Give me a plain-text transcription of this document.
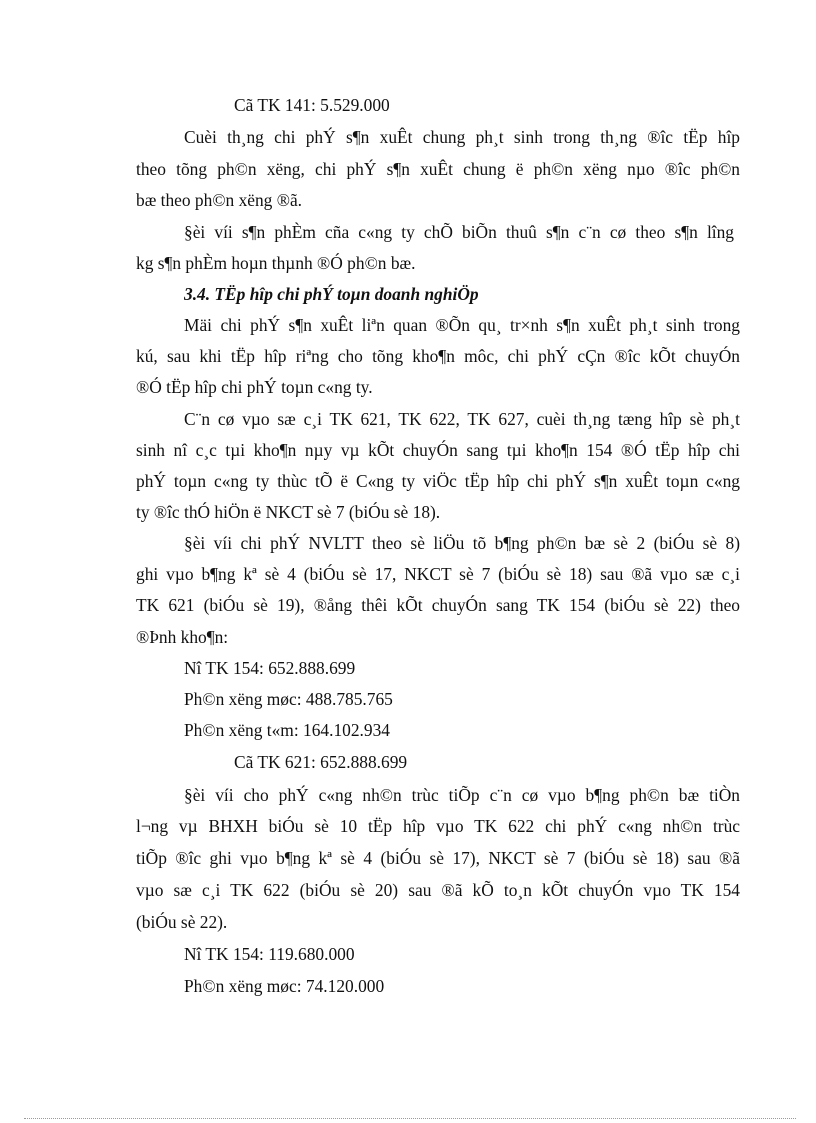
Cã TK 141: 5.529.000
Cuèi th¸ng chi phÝ s¶n xuÊt chung ph¸t sinh trong th¸ng ®îc tËp hîp
theo tõng ph©n xëng, chi phÝ s¶n xuÊt chung ë ph©n xëng nµo ®îc ph©n
bæ theo ph©n xëng ®ã.
§èi víi s¶n phÈm cña c«ng ty chÕ biÕn thuû s¶n c¨n cø theo s¶n lîng
kg s¶n phÈm hoµn thµnh ®Ó ph©n bæ.
3.4. TËp hîp chi phÝ toµn doanh nghiÖp
Mäi chi phÝ s¶n xuÊt liªn quan ®Õn qu¸ tr×nh s¶n xuÊt ph¸t sinh trong
kú, sau khi tËp hîp riªng cho tõng kho¶n môc, chi phÝ cÇn ®îc kÕt chuyÓn
®Ó tËp hîp chi phÝ toµn c«ng ty.
C¨n cø vµo sæ c¸i TK 621, TK 622, TK 627, cuèi th¸ng tæng hîp sè ph¸t
sinh nî c¸c tµi kho¶n nµy vµ kÕt chuyÓn sang tµi kho¶n 154 ®Ó tËp hîp chi
phÝ toµn c«ng ty thùc tÕ ë C«ng ty viÖc tËp hîp chi phÝ s¶n xuÊt toµn c«ng
ty ®îc thÓ hiÖn ë NKCT sè 7 (biÓu sè 18).
§èi víi chi phÝ NVLTT theo sè liÖu tõ b¶ng ph©n bæ sè 2 (biÓu sè 8)
ghi vµo b¶ng kª sè 4 (biÓu sè 17, NKCT sè 7 (biÓu sè 18) sau ®ã vµo sæ c¸i
TK 621 (biÓu sè 19), ®ång thêi kÕt chuyÓn sang TK 154 (biÓu sè 22) theo
®Þnh kho¶n:
Nî TK 154: 652.888.699
Ph©n xëng møc: 488.785.765
Ph©n xëng t«m: 164.102.934
Cã TK 621: 652.888.699
§èi víi cho phÝ c«ng nh©n trùc tiÕp c¨n cø vµo b¶ng ph©n bæ tiÒn
l¬ng vµ BHXH biÓu sè 10 tËp hîp vµo TK 622 chi phÝ c«ng nh©n trùc
tiÕp ®îc ghi vµo b¶ng kª sè 4 (biÓu sè 17), NKCT sè 7 (biÓu sè 18) sau ®ã
vµo sæ c¸i TK 622 (biÓu sè 20) sau ®ã kÕ to¸n kÕt chuyÓn vµo TK 154
(biÓu sè 22).
Nî TK 154: 119.680.000
Ph©n xëng møc: 74.120.000
